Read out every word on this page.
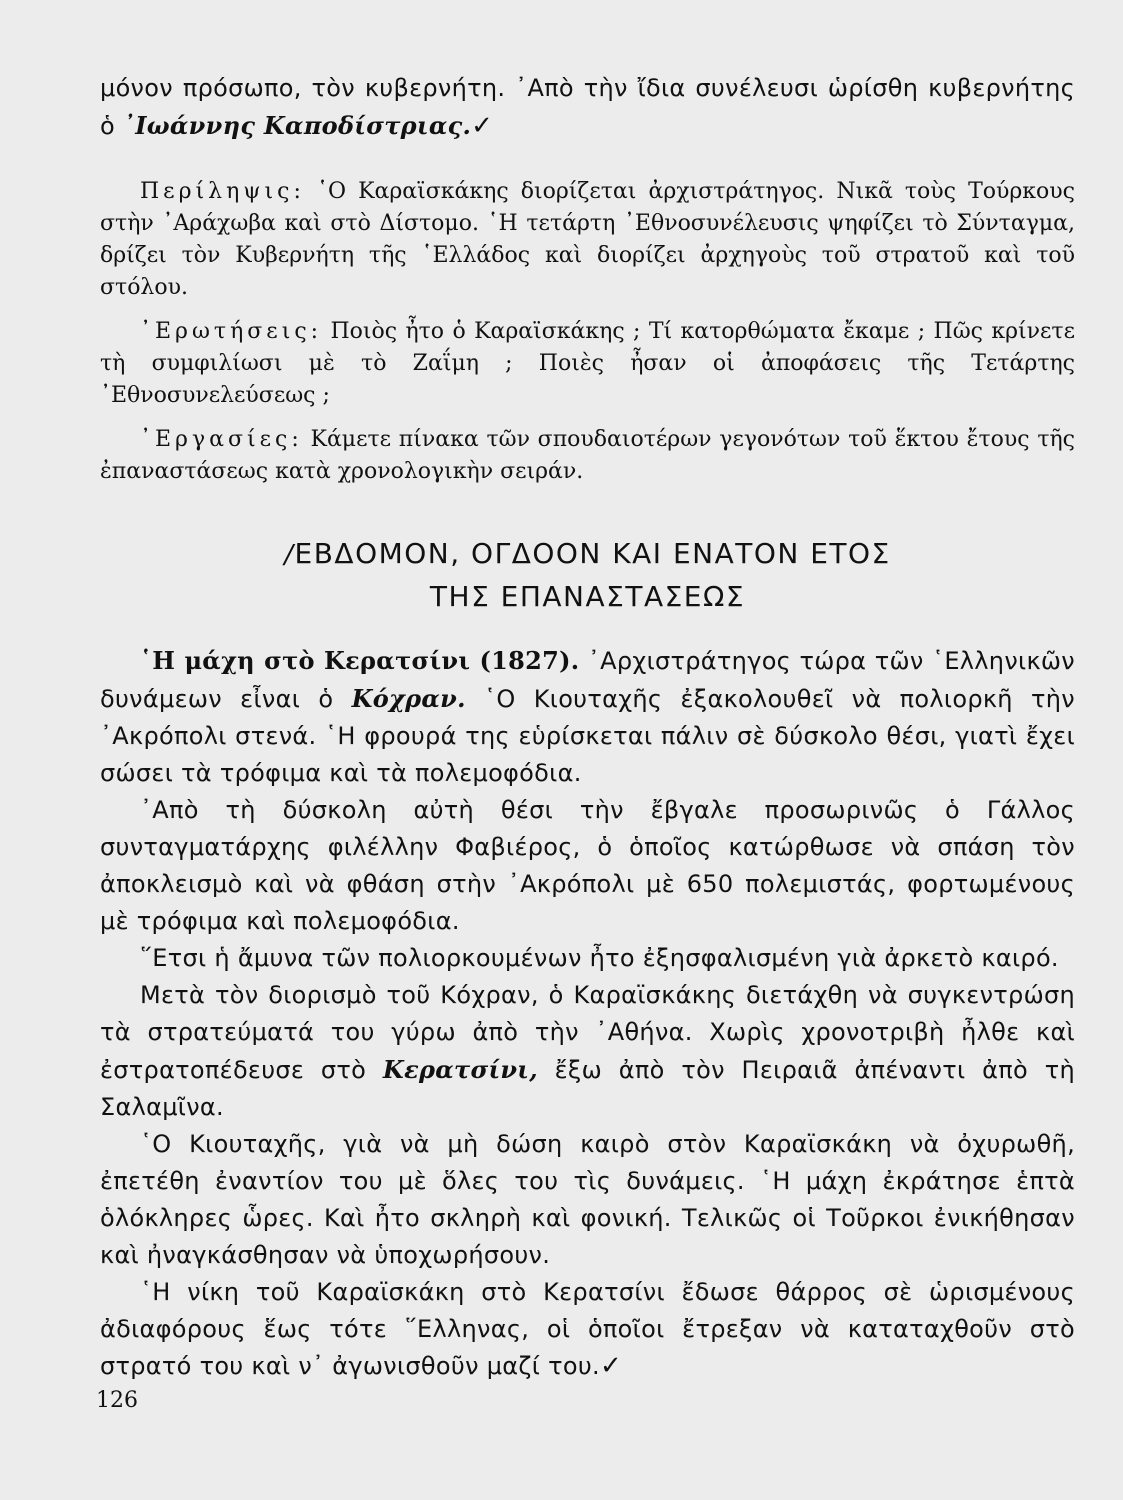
μόνον πρόσωπο, τὸν κυβερνήτη. ᾿Απὸ τὴν ἴδια συνέλευσι ὡρίσθη κυβερνήτης ὁ ᾿Ιωάννης Καποδίστριας.✓

Περίληψις: ῾Ο Καραϊσκάκης διορίζεται ἀρχιστράτηγος. Νικᾶ τοὺς Τούρκους στὴν ᾿Αράχωβα καὶ στὸ Δίστομο. ῾Η τετάρτη ᾿Εθνοσυνέλευσις ψηφίζει τὸ Σύνταγμα, δρίζει τὸν Κυβερνήτη τῆς ῾Ελλάδος καὶ διορίζει ἀρχηγοὺς τοῦ στρατοῦ καὶ τοῦ στόλου.

᾿Ερωτήσεις: Ποιὸς ἦτο ὁ Καραϊσκάκης ; Τί κατορθώματα ἔκαμε ; Πῶς κρίνετε τὴ συμφιλίωσι μὲ τὸ Ζαΐμη ; Ποιὲς ἦσαν οἱ ἀποφάσεις τῆς Τετάρτης ᾿Εθνοσυνελεύσεως ;

᾿Εργασίες: Κάμετε πίνακα τῶν σπουδαιοτέρων γεγονότων τοῦ ἕκτου ἔτους τῆς ἐπαναστάσεως κατὰ χρονολογικὴν σειράν.

/ΕΒΔΟΜΟΝ, ΟΓΔΟΟΝ ΚΑΙ ΕΝΑΤΟΝ ΕΤΟΣ
ΤΗΣ ΕΠΑΝΑΣΤΑΣΕΩΣ

῾Η μάχη στὸ Κερατσίνι (1827). ᾿Αρχιστράτηγος τώρα τῶν ῾Ελληνικῶν δυνάμεων εἶναι ὁ Κόχραν. ῾Ο Κιουταχῆς ἐξακολουθεῖ νὰ πολιορκῆ τὴν ᾿Ακρόπολι στενά. ῾Η φρουρά της εὑρίσκεται πάλιν σὲ δύσκολο θέσι, γιατὶ ἔχει σώσει τὰ τρόφιμα καὶ τὰ πολεμοφόδια.

᾿Απὸ τὴ δύσκολη αὐτὴ θέσι τὴν ἔβγαλε προσωρινῶς ὁ Γάλλος συνταγματάρχης φιλέλλην Φαβιέρος, ὁ ὁποῖος κατώρθωσε νὰ σπάση τὸν ἀποκλεισμὸ καὶ νὰ φθάση στὴν ᾿Ακρόπολι μὲ 650 πολεμιστάς, φορτωμένους μὲ τρόφιμα καὶ πολεμοφόδια.

῞Ετσι ἡ ἄμυνα τῶν πολιορκουμένων ἦτο ἐξησφαλισμένη γιὰ ἀρκετὸ καιρό.

Μετὰ τὸν διορισμὸ τοῦ Κόχραν, ὁ Καραϊσκάκης διετάχθη νὰ συγκεντρώση τὰ στρατεύματά του γύρω ἀπὸ τὴν ᾿Αθήνα. Χωρὶς χρονοτριβὴ ἦλθε καὶ ἐστρατοπέδευσε στὸ Κερατσίνι, ἔξω ἀπὸ τὸν Πειραιᾶ ἀπέναντι ἀπὸ τὴ Σαλαμῖνα.

῾Ο Κιουταχῆς, γιὰ νὰ μὴ δώση καιρὸ στὸν Καραϊσκάκη νὰ ὀχυρωθῆ, ἐπετέθη ἐναντίον του μὲ ὅλες του τὶς δυνάμεις. ῾Η μάχη ἐκράτησε ἑπτὰ ὁλόκληρες ὧρες. Καὶ ἦτο σκληρὴ καὶ φονική. Τελικῶς οἱ Τοῦρκοι ἐνικήθησαν καὶ ἠναγκάσθησαν νὰ ὑποχωρήσουν.

῾Η νίκη τοῦ Καραϊσκάκη στὸ Κερατσίνι ἔδωσε θάρρος σὲ ὡρισμένους ἀδιαφόρους ἕως τότε ῞Ελληνας, οἱ ὁποῖοι ἔτρεξαν νὰ καταταχθοῦν στὸ στρατό του καὶ ν᾿ ἀγωνισθοῦν μαζί του.✓

126
